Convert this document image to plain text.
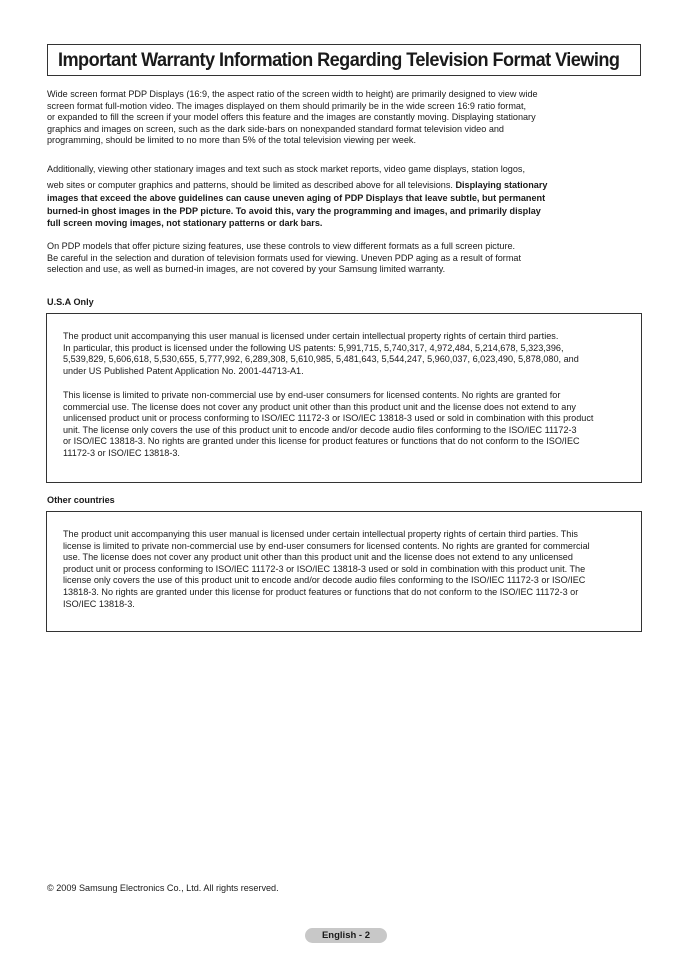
Important Warranty Information Regarding Television Format Viewing
Wide screen format PDP Displays (16:9, the aspect ratio of the screen width to height) are primarily designed to view wide
screen format full-motion video. The images displayed on them should primarily be in the wide screen 16:9 ratio format,
or expanded to fill the screen if your model offers this feature and the images are constantly moving. Displaying stationary
graphics and images on screen, such as the dark side-bars on nonexpanded standard format television video and
programming, should be limited to no more than 5% of the total television viewing per week.
Additionally, viewing other stationary images and text such as stock market reports, video game displays, station logos,
web sites or computer graphics and patterns, should be limited as described above for all televisions. Displaying stationary
images that exceed the above guidelines can cause uneven aging of PDP Displays that leave subtle, but permanent
burned-in ghost images in the PDP picture. To avoid this, vary the programming and images, and primarily display
full screen moving images, not stationary patterns or dark bars.
On PDP models that offer picture sizing features, use these controls to view different formats as a full screen picture.
Be careful in the selection and duration of television formats used for viewing. Uneven PDP aging as a result of format
selection and use, as well as burned-in images, are not covered by your Samsung limited warranty.

U.S.A Only

The product unit accompanying this user manual is licensed under certain intellectual property rights of certain third parties.
In particular, this product is licensed under the following US patents: 5,991,715, 5,740,317, 4,972,484, 5,214,678, 5,323,396,
5,539,829, 5,606,618, 5,530,655, 5,777,992, 6,289,308, 5,610,985, 5,481,643, 5,544,247, 5,960,037, 6,023,490, 5,878,080, and
under US Published Patent Application No. 2001-44713-A1.
This license is limited to private non-commercial use by end-user consumers for licensed contents. No rights are granted for
commercial use. The license does not cover any product unit other than this product unit and the license does not extend to any
unlicensed product unit or process conforming to ISO/IEC 11172-3 or ISO/IEC 13818-3 used or sold in combination with this product
unit. The license only covers the use of this product unit to encode and/or decode audio files conforming to the ISO/IEC 11172-3
or ISO/IEC 13818-3. No rights are granted under this license for product features or functions that do not conform to the ISO/IEC
11172-3 or ISO/IEC 13818-3.

Other countries

The product unit accompanying this user manual is licensed under certain intellectual property rights of certain third parties. This
license is limited to private non-commercial use by end-user consumers for licensed contents. No rights are granted for commercial
use. The license does not cover any product unit other than this product unit and the license does not extend to any unlicensed
product unit or process conforming to ISO/IEC 11172-3 or ISO/IEC 13818-3 used or sold in combination with this product unit. The
license only covers the use of this product unit to encode and/or decode audio files conforming to the ISO/IEC 11172-3 or ISO/IEC
13818-3. No rights are granted under this license for product features or functions that do not conform to the ISO/IEC 11172-3 or
ISO/IEC 13818-3.

© 2009 Samsung Electronics Co., Ltd. All rights reserved.

English - 2
